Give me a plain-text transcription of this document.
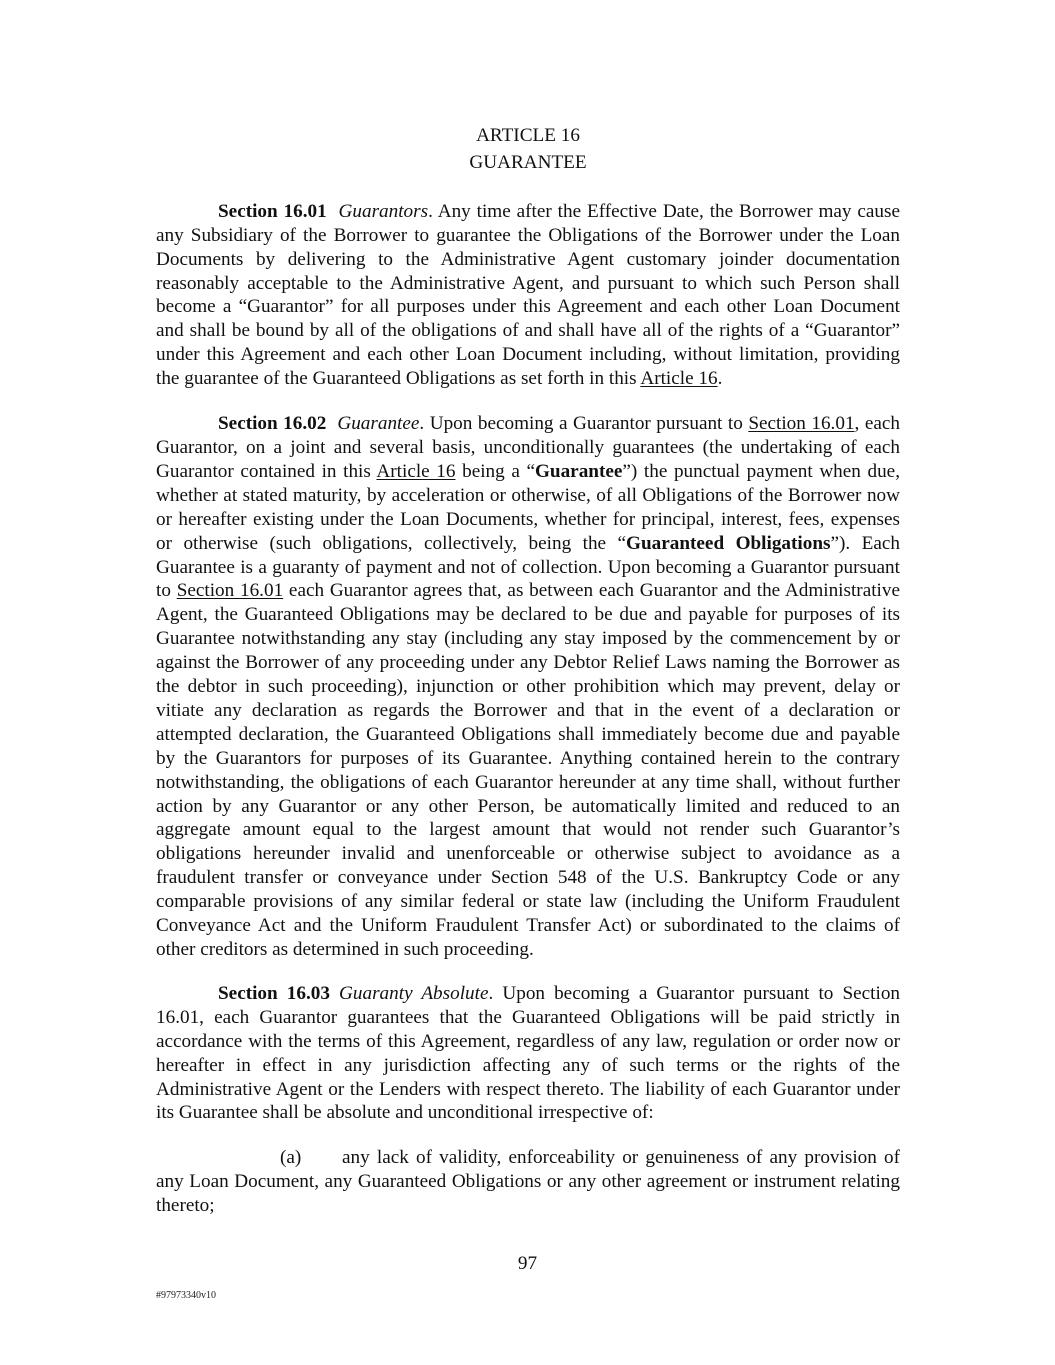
ARTICLE 16

GUARANTEE

Section 16.01 Guarantors. Any time after the Effective Date, the Borrower may cause any Subsidiary of the Borrower to guarantee the Obligations of the Borrower under the Loan Documents by delivering to the Administrative Agent customary joinder documentation reasonably acceptable to the Administrative Agent, and pursuant to which such Person shall become a “Guarantor” for all purposes under this Agreement and each other Loan Document and shall be bound by all of the obligations of and shall have all of the rights of a “Guarantor” under this Agreement and each other Loan Document including, without limitation, providing the guarantee of the Guaranteed Obligations as set forth in this Article 16.

Section 16.02 Guarantee. Upon becoming a Guarantor pursuant to Section 16.01, each Guarantor, on a joint and several basis, unconditionally guarantees (the undertaking of each Guarantor contained in this Article 16 being a “Guarantee”) the punctual payment when due, whether at stated maturity, by acceleration or otherwise, of all Obligations of the Borrower now or hereafter existing under the Loan Documents, whether for principal, interest, fees, expenses or otherwise (such obligations, collectively, being the “Guaranteed Obligations”). Each Guarantee is a guaranty of payment and not of collection. Upon becoming a Guarantor pursuant to Section 16.01 each Guarantor agrees that, as between each Guarantor and the Administrative Agent, the Guaranteed Obligations may be declared to be due and payable for purposes of its Guarantee notwithstanding any stay (including any stay imposed by the commencement by or against the Borrower of any proceeding under any Debtor Relief Laws naming the Borrower as the debtor in such proceeding), injunction or other prohibition which may prevent, delay or vitiate any declaration as regards the Borrower and that in the event of a declaration or attempted declaration, the Guaranteed Obligations shall immediately become due and payable by the Guarantors for purposes of its Guarantee. Anything contained herein to the contrary notwithstanding, the obligations of each Guarantor hereunder at any time shall, without further action by any Guarantor or any other Person, be automatically limited and reduced to an aggregate amount equal to the largest amount that would not render such Guarantor’s obligations hereunder invalid and unenforceable or otherwise subject to avoidance as a fraudulent transfer or conveyance under Section 548 of the U.S. Bankruptcy Code or any comparable provisions of any similar federal or state law (including the Uniform Fraudulent Conveyance Act and the Uniform Fraudulent Transfer Act) or subordinated to the claims of other creditors as determined in such proceeding.

Section 16.03 Guaranty Absolute. Upon becoming a Guarantor pursuant to Section 16.01, each Guarantor guarantees that the Guaranteed Obligations will be paid strictly in accordance with the terms of this Agreement, regardless of any law, regulation or order now or hereafter in effect in any jurisdiction affecting any of such terms or the rights of the Administrative Agent or the Lenders with respect thereto. The liability of each Guarantor under its Guarantee shall be absolute and unconditional irrespective of:

(a) any lack of validity, enforceability or genuineness of any provision of any Loan Document, any Guaranteed Obligations or any other agreement or instrument relating thereto;

97
#97973340v10
